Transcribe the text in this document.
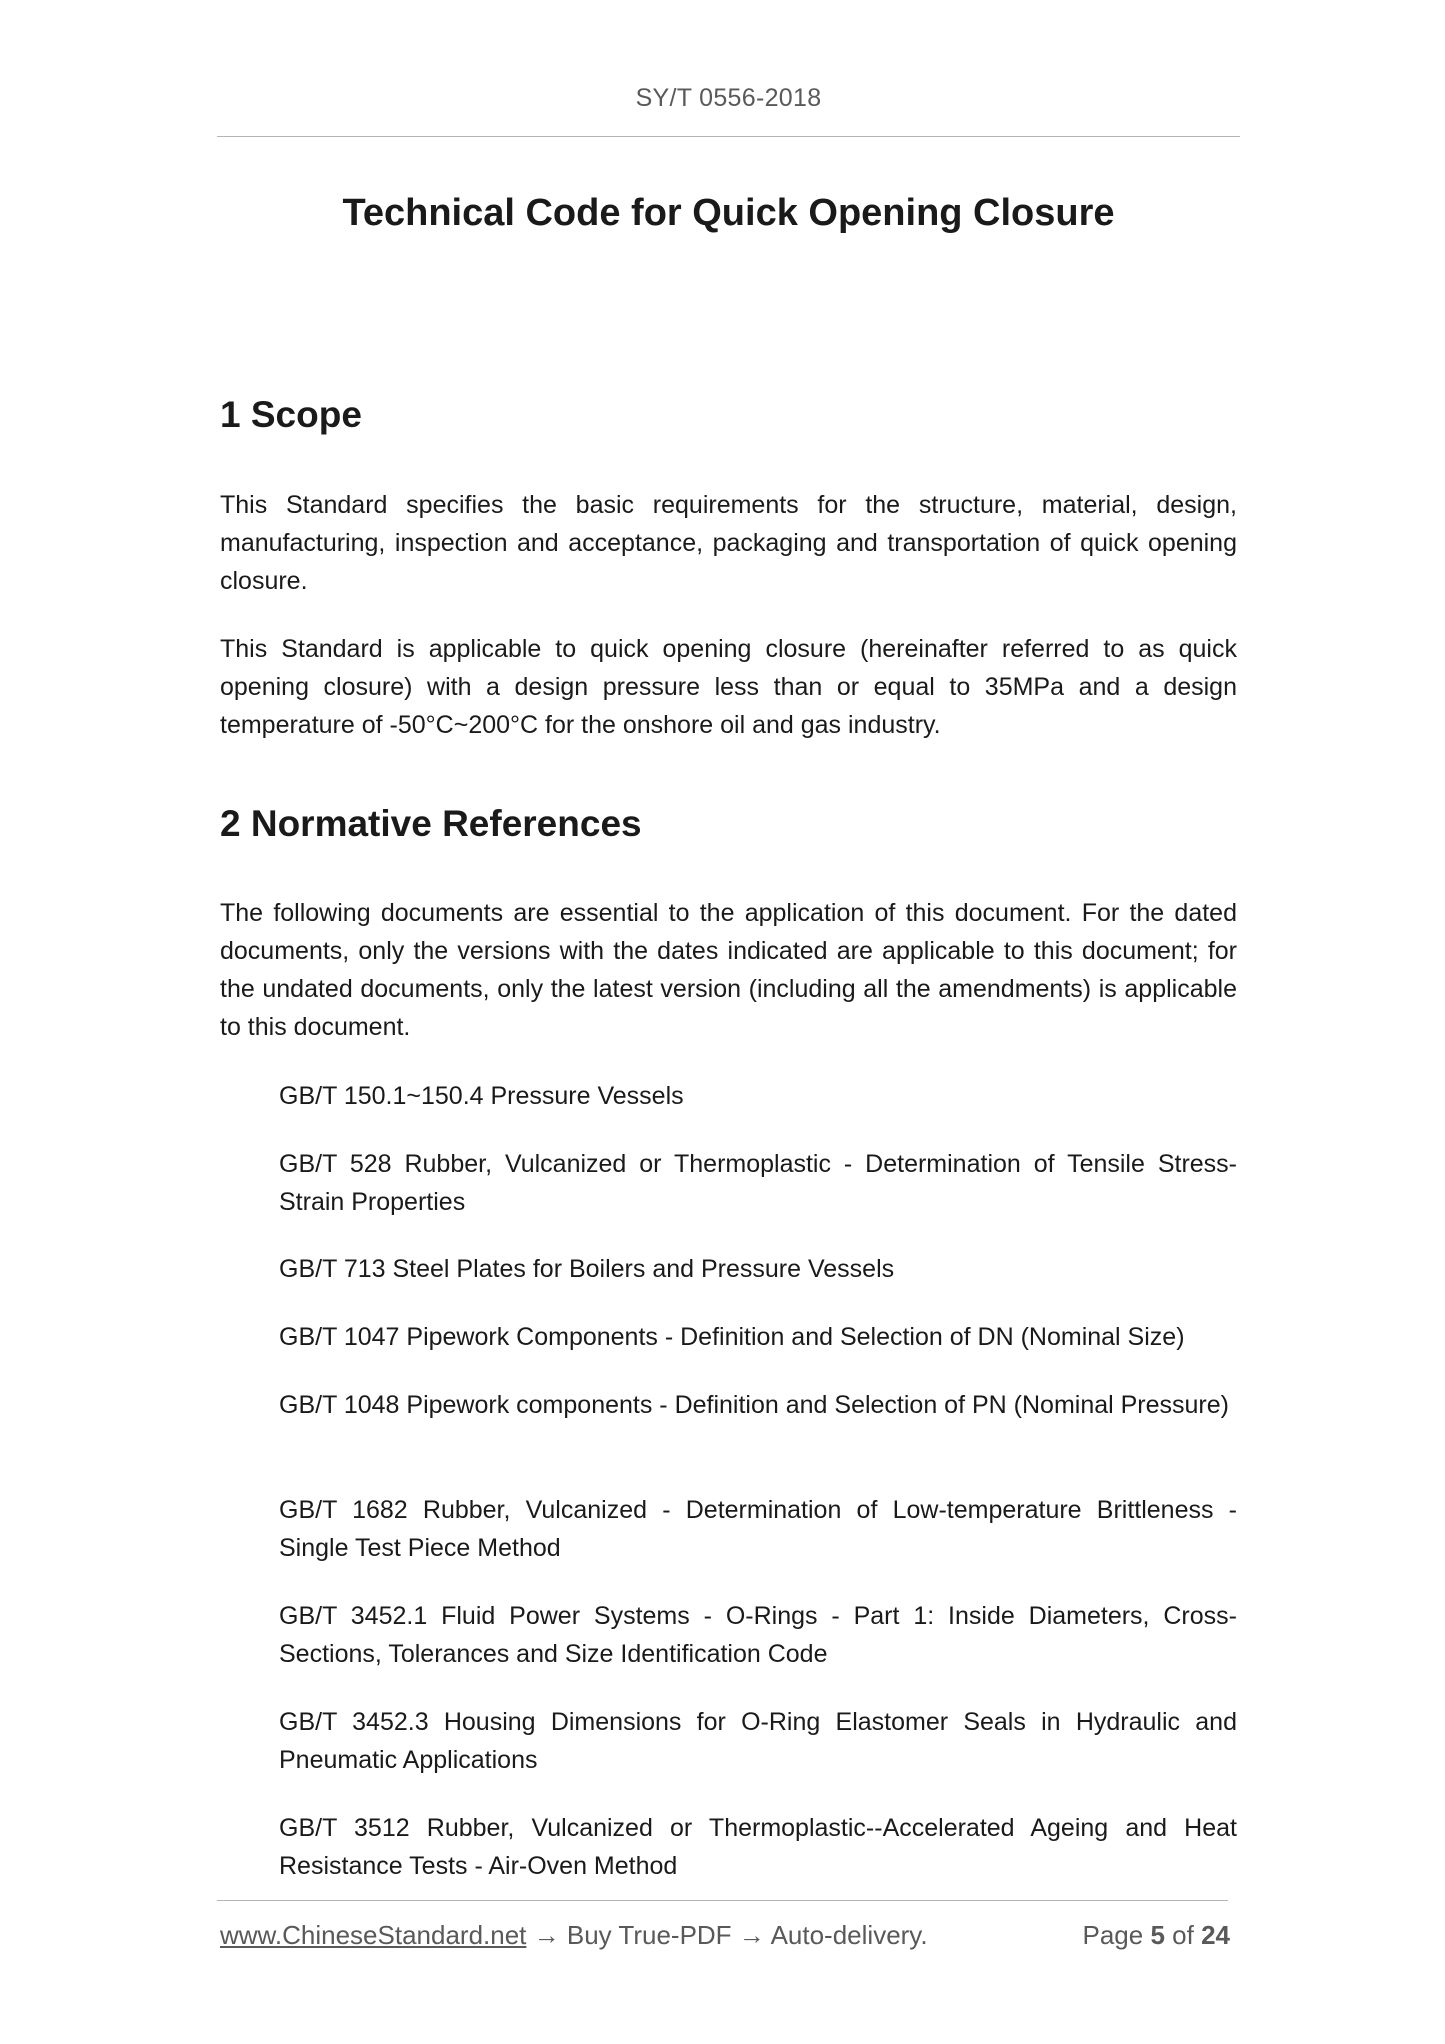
SY/T 0556-2018
Technical Code for Quick Opening Closure
1 Scope

This Standard specifies the basic requirements for the structure, material, design, manufacturing, inspection and acceptance, packaging and transportation of quick opening closure.

This Standard is applicable to quick opening closure (hereinafter referred to as quick opening closure) with a design pressure less than or equal to 35MPa and a design temperature of -50°C~200°C for the onshore oil and gas industry.

2 Normative References

The following documents are essential to the application of this document. For the dated documents, only the versions with the dates indicated are applicable to this document; for the undated documents, only the latest version (including all the amendments) is applicable to this document.

GB/T 150.1~150.4 Pressure Vessels

GB/T 528 Rubber, Vulcanized or Thermoplastic - Determination of Tensile Stress-Strain Properties

GB/T 713 Steel Plates for Boilers and Pressure Vessels

GB/T 1047 Pipework Components - Definition and Selection of DN (Nominal Size)

GB/T 1048 Pipework components - Definition and Selection of PN (Nominal Pressure)

GB/T 1682 Rubber, Vulcanized - Determination of Low-temperature Brittleness - Single Test Piece Method

GB/T 3452.1 Fluid Power Systems - O-Rings - Part 1: Inside Diameters, Cross-Sections, Tolerances and Size Identification Code

GB/T 3452.3 Housing Dimensions for O-Ring Elastomer Seals in Hydraulic and Pneumatic Applications

GB/T 3512 Rubber, Vulcanized or Thermoplastic--Accelerated Ageing and Heat Resistance Tests - Air-Oven Method

www.ChineseStandard.net → Buy True-PDF → Auto-delivery.	Page 5 of 24
